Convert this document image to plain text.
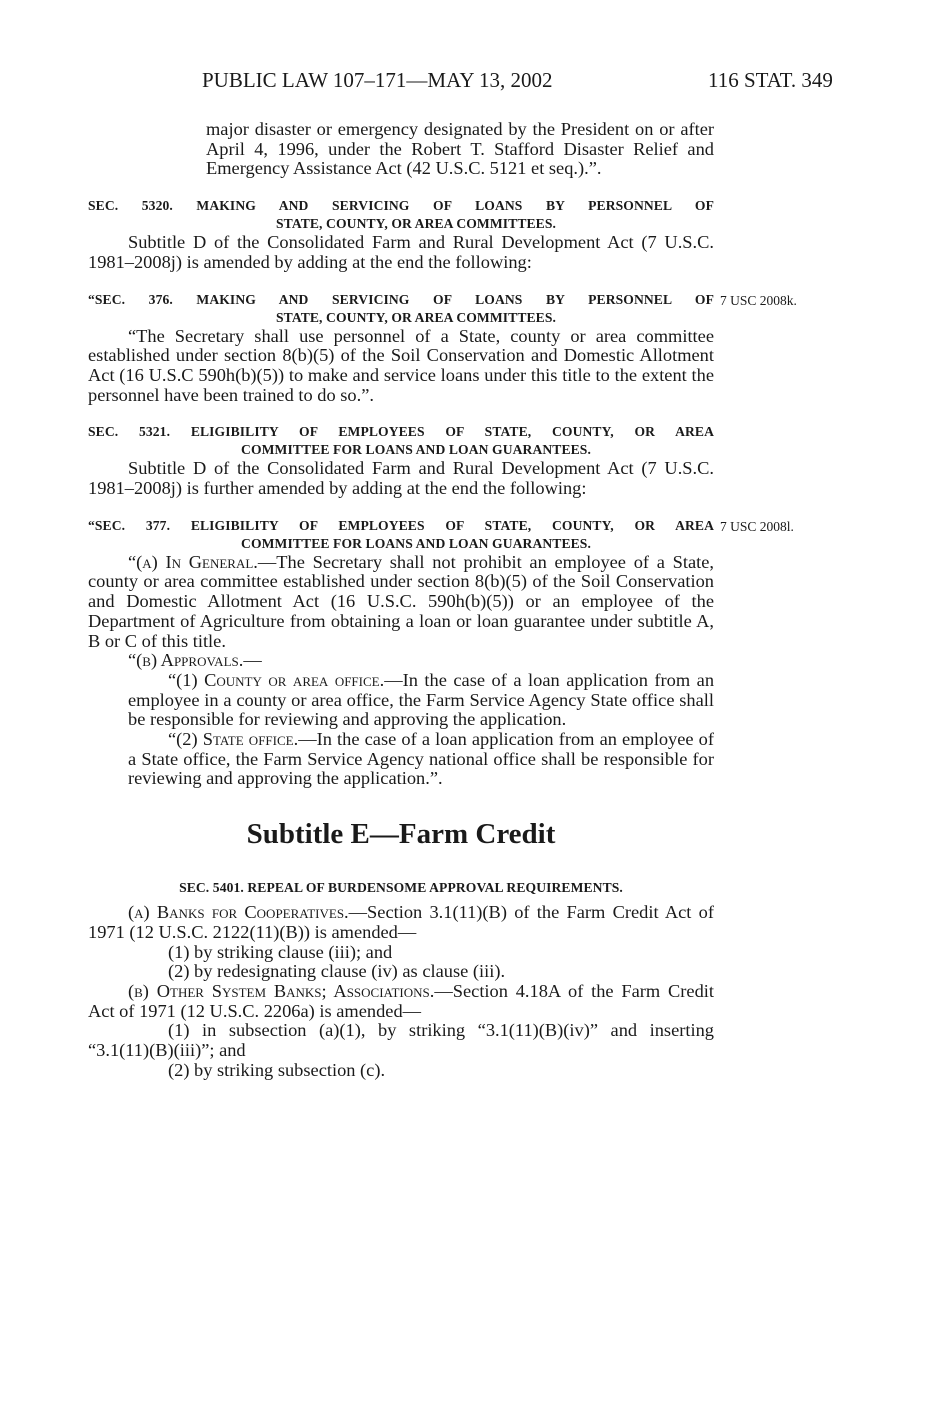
PUBLIC LAW 107–171—MAY 13, 2002	116 STAT. 349

major disaster or emergency designated by the President on or after April 4, 1996, under the Robert T. Stafford Disaster Relief and Emergency Assistance Act (42 U.S.C. 5121 et seq.).”.

SEC. 5320. MAKING AND SERVICING OF LOANS BY PERSONNEL OF
STATE, COUNTY, OR AREA COMMITTEES.

Subtitle D of the Consolidated Farm and Rural Development Act (7 U.S.C. 1981–2008j) is amended by adding at the end the following:

“SEC. 376. MAKING AND SERVICING OF LOANS BY PERSONNEL OF
STATE, COUNTY, OR AREA COMMITTEES.
7 USC 2008k.

“The Secretary shall use personnel of a State, county or area committee established under section 8(b)(5) of the Soil Conservation and Domestic Allotment Act (16 U.S.C 590h(b)(5)) to make and service loans under this title to the extent the personnel have been trained to do so.”.

SEC. 5321. ELIGIBILITY OF EMPLOYEES OF STATE, COUNTY, OR AREA
COMMITTEE FOR LOANS AND LOAN GUARANTEES.

Subtitle D of the Consolidated Farm and Rural Development Act (7 U.S.C. 1981–2008j) is further amended by adding at the end the following:

“SEC. 377. ELIGIBILITY OF EMPLOYEES OF STATE, COUNTY, OR AREA
COMMITTEE FOR LOANS AND LOAN GUARANTEES.
7 USC 2008l.

“(a) In General.—The Secretary shall not prohibit an employee of a State, county or area committee established under section 8(b)(5) of the Soil Conservation and Domestic Allotment Act (16 U.S.C. 590h(b)(5)) or an employee of the Department of Agriculture from obtaining a loan or loan guarantee under subtitle A, B or C of this title.

“(b) Approvals.—

“(1) County or area office.—In the case of a loan application from an employee in a county or area office, the Farm Service Agency State office shall be responsible for reviewing and approving the application.

“(2) State office.—In the case of a loan application from an employee of a State office, the Farm Service Agency national office shall be responsible for reviewing and approving the application.”.

Subtitle E—Farm Credit

SEC. 5401. REPEAL OF BURDENSOME APPROVAL REQUIREMENTS.

(a) Banks for Cooperatives.—Section 3.1(11)(B) of the Farm Credit Act of 1971 (12 U.S.C. 2122(11)(B)) is amended—

(1) by striking clause (iii); and

(2) by redesignating clause (iv) as clause (iii).

(b) Other System Banks; Associations.—Section 4.18A of the Farm Credit Act of 1971 (12 U.S.C. 2206a) is amended—

(1) in subsection (a)(1), by striking “3.1(11)(B)(iv)” and inserting “3.1(11)(B)(iii)”; and

(2) by striking subsection (c).
